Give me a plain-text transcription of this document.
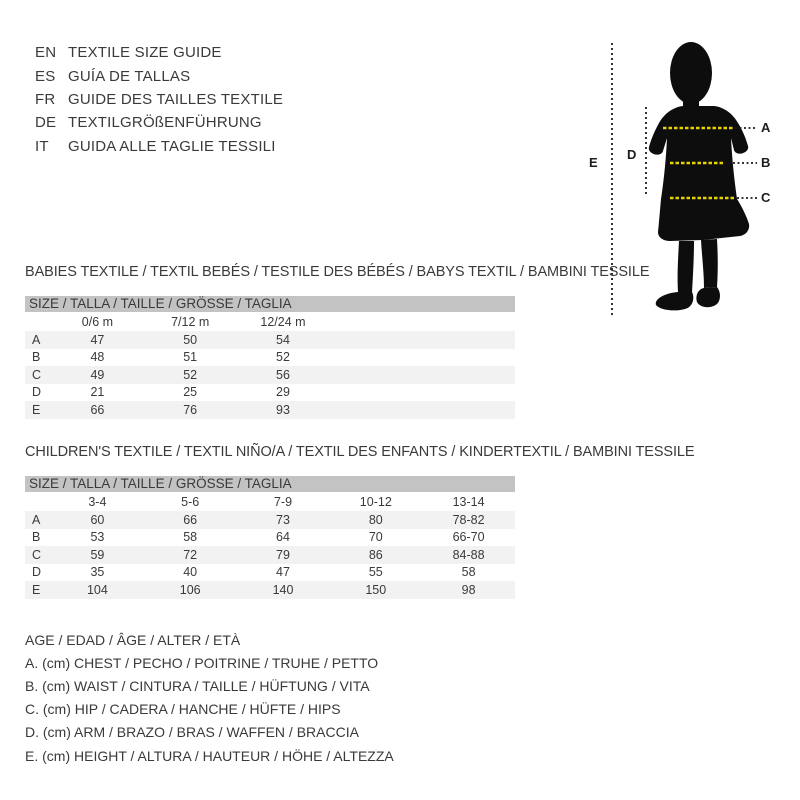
EN TEXTILE SIZE GUIDE
ES GUÍA DE TALLAS
FR GUIDE DES TAILLES TEXTILE
DE TEXTILGRÖßENFÜHRUNG
IT	GUIDA ALLE TAGLIE TESSILI
A
B
C
D
E
BABIES TEXTILE / TEXTIL BEBÉS / TESTILE DES BÉBÉS / BABYS TEXTIL / BAMBINI TESSILE
SIZE / TALLA / TAILLE / GRÖSSE / TAGLIA
	0/6 m	7/12 m	12/24 m		
A	47	50	54		
B	48	51	52		
C	49	52	56		
D	21	25	29		
E	66	76	93		
CHILDREN'S TEXTILE / TEXTIL NIÑO/A / TEXTIL DES ENFANTS / KINDERTEXTIL / BAMBINI TESSILE
SIZE / TALLA / TAILLE / GRÖSSE / TAGLIA
	3-4	5-6	7-9	10-12	13-14
A	60	66	73	80	78-82
B	53	58	64	70	66-70
C	59	72	79	86	84-88
D	35	40	47	55	58
E	104	106	140	150	98
AGE / EDAD / ÂGE / ALTER / ETÀ
A. (cm) CHEST / PECHO / POITRINE / TRUHE / PETTO
B. (cm) WAIST / CINTURA / TAILLE / HÜFTUNG / VITA
C. (cm) HIP / CADERA / HANCHE / HÜFTE / HIPS
D. (cm) ARM / BRAZO / BRAS / WAFFEN / BRACCIA
E. (cm) HEIGHT / ALTURA / HAUTEUR / HÖHE / ALTEZZA
